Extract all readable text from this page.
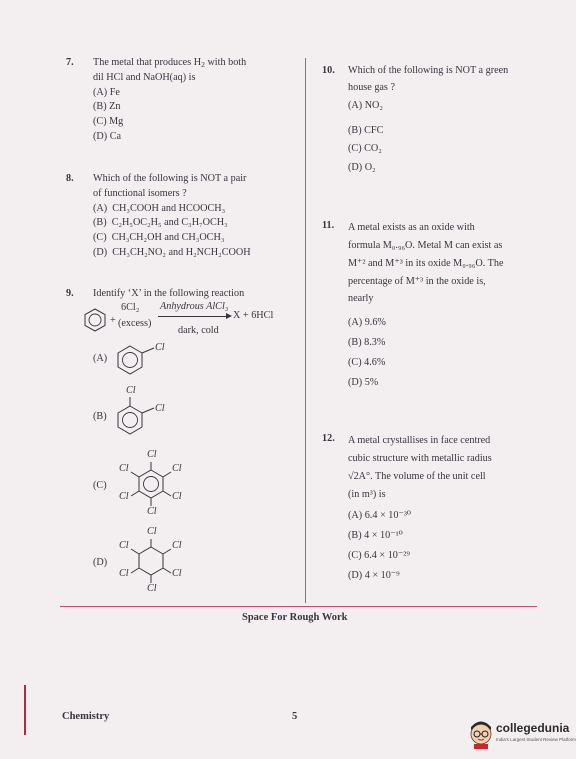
7. The metal that produces $H_2$ with both
dil HCl and NaOH(aq) is
(A) Fe
(B) Zn
(C) Mg
(D) Ca
8. Which of the following is NOT a pair
of functional isomers ?
(A) CH₃COOH and HCOOCH₃
(B) C₂H₅OC₂H₅ and C₃H₇OCH₃
(C) CH₃CH₂OH and CH₃OCH₃
(D) CH₃CH₂NO₂ and H₂NCH₂COOH
9. Identify ‘X’ in the following reaction
+
6Cl₂
(excess)
Anhydrous AlCl₃
X + 6HCl
dark, cold
(A)
Cl
(B)
Cl
Cl
(C)
Cl
Cl
Cl
Cl
Cl
Cl
(D)
Cl
Cl
Cl
Cl
Cl
Cl
10. Which of the following is NOT a green
house gas ?
(A) NO₂
(B) CFC
(C) CO₂
(D) O₂
11. A metal exists as an oxide with
formula M₀.₉₆O. Metal M can exist as
M⁺² and M⁺³ in its oxide M₀.₉₆O. The
percentage of M⁺³ in the oxide is,
nearly
(A) 9.6%
(B) 8.3%
(C) 4.6%
(D) 5%
12. A metal crystallises in face centred
cubic structure with metallic radius
√2A°. The volume of the unit cell
(in m³) is
(A) 6.4 × 10⁻³⁰
(B) 4 × 10⁻¹⁰
(C) 6.4 × 10⁻²⁹
(D) 4 × 10⁻⁹
Space For Rough Work
Chemistry	5
collegedunia
India's Largest Student Review Platform
